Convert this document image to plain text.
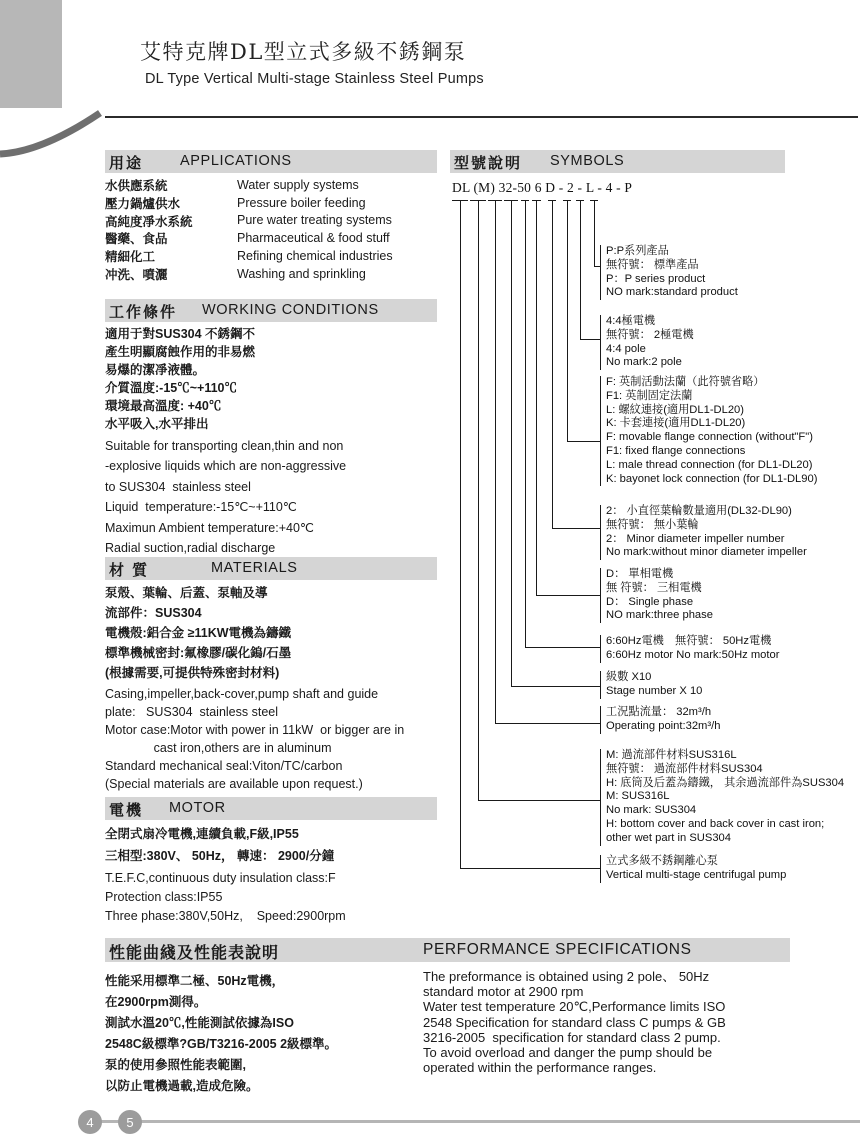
艾特克牌DL型立式多級不銹鋼泵
DL Type Vertical Multi-stage Stainless Steel Pumps
用途	APPLICATIONS
水供應系統	Water supply systems
壓力鍋爐供水	Pressure boiler feeding
高純度凈水系統	Pure water treating systems
醫藥、食品	Pharmaceutical & food stuff
精細化工	Refining chemical industries
冲洗、噴灑	Washing and sprinkling
工作條件 WORKING CONDITIONS
適用于對SUS304 不銹鋼不
產生明顯腐蝕作用的非易燃
易爆的潔凈液體。
介質溫度:-15℃~+110℃
環境最高溫度: +40℃
水平吸入,水平排出
Suitable for transporting clean,thin and non
-explosive liquids which are non-aggressive
to SUS304  stainless steel
Liquid  temperature:-15℃~+110℃
Maximun Ambient temperature:+40℃
Radial suction,radial discharge
材 質	MATERIALS
泵殼、葉輪、后蓋、泵軸及導
流部件：SUS304
電機殼:鋁合金 ≥11KW電機為鑄鐵
標準機械密封:氟橡膠/碳化鎢/石墨
(根據需要,可提供特殊密封材料)
Casing,impeller,back-cover,pump shaft and guide
plate:   SUS304  stainless steel
Motor case:Motor with power in 11kW  or bigger are in
cast iron,others are in aluminum
Standard mechanical seal:Viton/TC/carbon
(Special materials are available upon request.)
電機 MOTOR
全閉式扇冷電機,連續負載,F級,IP55
三相型:380V、 50Hz， 轉速： 2900/分鐘
T.E.F.C,continuous duty insulation class:F
Protection class:IP55
Three phase:380V,50Hz,    Speed:2900rpm
型號說明 SYMBOLS
DL (M) 32-50 6 D - 2 - L - 4 - P
P:P系列產品
無符號： 標準產品
P：P series product
NO mark:standard product
4:4極電機
無符號： 2極電機
4:4 pole
No mark:2 pole
F: 英制活動法蘭（此符號省略）
F1: 英制固定法蘭
L: 螺紋連接(適用DL1-DL20)
K: 卡套連接(適用DL1-DL20)
F: movable flange connection (without"F")
F1: fixed flange connections
L: male thread connection (for DL1-DL20)
K: bayonet lock connection (for DL1-DL90)
2： 小直徑葉輪數量適用(DL32-DL90)
無符號： 無小葉輪
2： Minor diameter impeller number
No mark:without minor diameter impeller
D： 單相電機
無 符號： 三相電機
D： Single phase
NO mark:three phase
6:60Hz電機　無符號： 50Hz電機
6:60Hz motor No mark:50Hz motor
級數 X10
Stage number X 10
工況點流量： 32m³/h
Operating point:32m³/h
M: 過流部件材料SUS316L
無符號： 過流部件材料SUS304
H: 底筒及后蓋為鑄鐵， 其余過流部件為SUS304
M: SUS316L
No mark: SUS304
H: bottom cover and back cover in cast iron;
other wet part in SUS304
立式多級不銹鋼離心泵
Vertical multi-stage centrifugal pump
性能曲綫及性能表說明	PERFORMANCE SPECIFICATIONS
性能采用標準二極、50Hz電機，
在2900rpm測得。
測試水溫20℃,性能測試依據為ISO
2548C級標準?GB/T3216-2005 2級標準。
泵的使用參照性能表範圍,
以防止電機過載,造成危險。
The preformance is obtained using 2 pole、 50Hz
standard motor at 2900 rpm
Water test temperature 20℃,Performance limits ISO
2548 Specification for standard class C pumps & GB
3216-2005  specification for standard class 2 pump.
To avoid overload and danger the pump should be
operated within the performance ranges.
4	5
